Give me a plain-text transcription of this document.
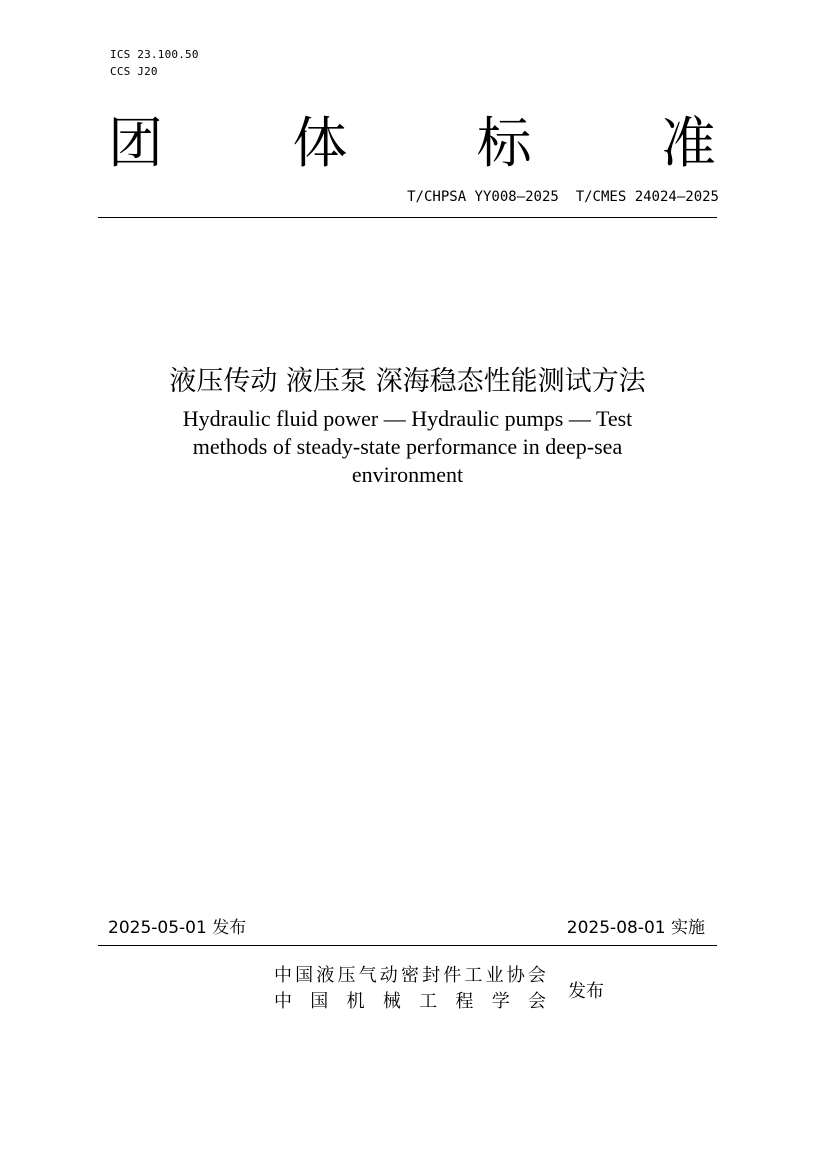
ICS 23.100.50
CCS J20
团 体 标 准
T/CHPSA YY008—2025  T/CMES 24024—2025
液压传动 液压泵 深海稳态性能测试方法
Hydraulic fluid power — Hydraulic pumps — Test
methods of steady-state performance in deep-sea
environment
2025-05-01 发布	2025-08-01 实施
中 国 液 压 气 动 密 封 件 工 业 协 会
中 国 机 械 工 程 学 会 发布
